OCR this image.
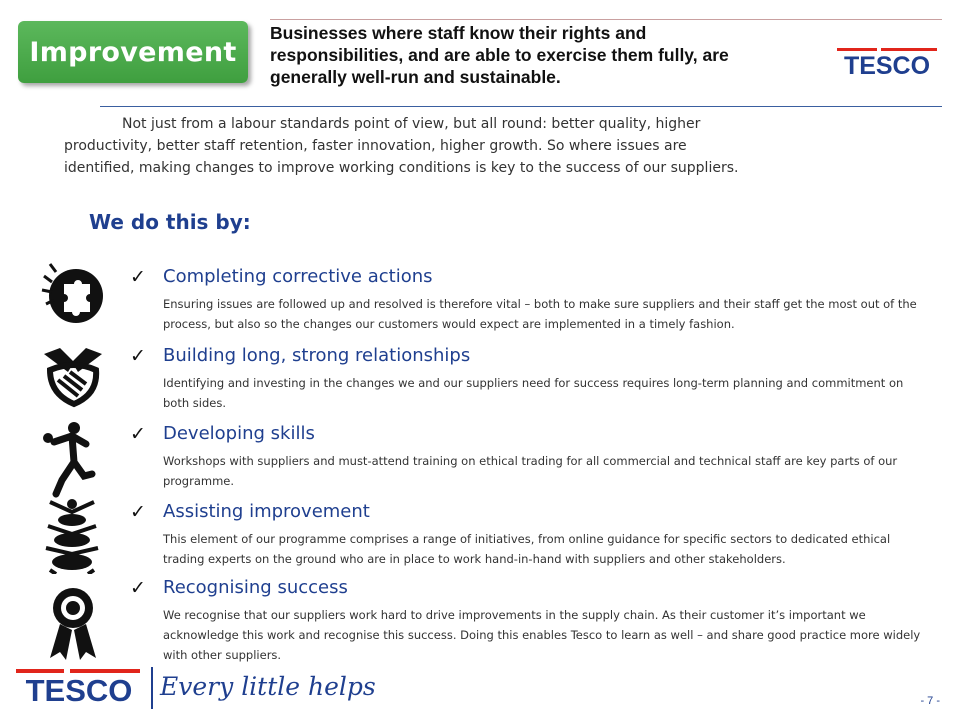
Improvement
Businesses where staff know their rights and responsibilities, and are able to exercise them fully, are generally well-run and sustainable.	TESCO
Not just from a labour standards point of view, but all round: better quality, higher productivity, better staff retention, faster innovation, higher growth. So where issues are identified, making changes to improve working conditions is key to the success of our suppliers.
We do this by:
✓ Completing corrective actions
Ensuring issues are followed up and resolved is therefore vital – both to make sure suppliers and their staff get the most out of the process, but also so the changes our customers would expect are implemented in a timely fashion.
✓ Building long, strong relationships
Identifying and investing in the changes we and our suppliers need for success requires long-term planning and commitment on both sides.
✓ Developing skills
Workshops with suppliers and must-attend training on ethical trading for all commercial and technical staff are key parts of our programme.
✓ Assisting improvement
This element of our programme comprises a range of initiatives, from online guidance for specific sectors to dedicated ethical trading experts on the ground who are in place to work hand-in-hand with suppliers and other stakeholders.
✓ Recognising success
We recognise that our suppliers work hard to drive improvements in the supply chain. As their customer it’s important we acknowledge this work and recognise this success. Doing this enables Tesco to learn as well – and share good practice more widely with other suppliers.
TESCO Every little helps	- 7 -
